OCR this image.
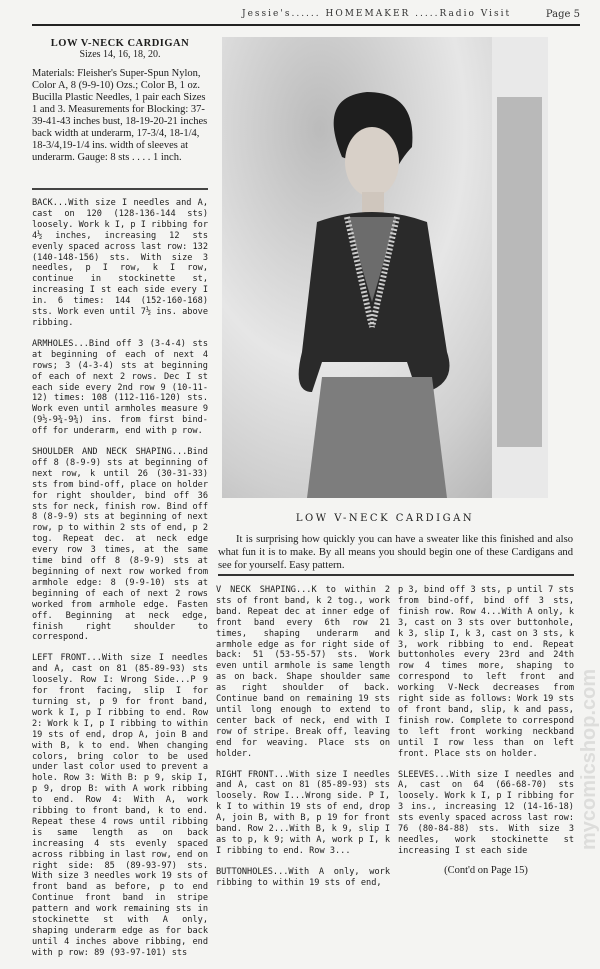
Jessie's...... HOMEMAKER .....Radio Visit	Page 5

LOW V-NECK CARDIGAN

Sizes 14, 16, 18, 20.

Materials: Fleisher's Super-Spun Nylon, Color A, 8 (9-9-10) Ozs.; Color B, 1 oz. Bucilla Plastic Needles, 1 pair each Sizes 1 and 3. Measurements for Blocking: 37-39-41-43 inches bust, 18-19-20-21 inches back width at underarm, 17-3/4, 18-1/4, 18-3/4,19-1/4 ins. width of sleeves at underarm. Gauge: 8 sts . . . . 1 inch.

BACK...With size I needles and A, cast on 120 (128-136-144 sts) loosely. Work k I, p I ribbing for 4½ inches, increasing 12 sts evenly spaced across last row: 132 (140-148-156) sts. With size 3 needles, p I row, k I row, continue in stockinette st, increasing I st each side every I in. 6 times: 144 (152-160-168) sts. Work even until 7½ ins. above ribbing.

ARMHOLES...Bind off 3 (3-4-4) sts at beginning of each of next 4 rows; 3 (4-3-4) sts at beginning of each of next 2 rows. Dec I st each side every 2nd row 9 (10-11-12) times: 108 (112-116-120) sts. Work even until armholes measure 9 (9½-9¾-9¾) ins. from first bind-off for underarm, end with p row.

SHOULDER AND NECK SHAPING...Bind off 8 (8-9-9) sts at beginning of next row, k until 26 (30-31-33) sts from bind-off, place on holder for right shoulder, bind off 36 sts for neck, finish row. Bind off 8 (8-9-9) sts at beginning of next row, p to within 2 sts of end, p 2 tog. Repeat dec. at neck edge every row 3 times, at the same time bind off 8 (8-9-9) sts at beginning of next row worked from armhole edge: 8 (9-9-10) sts at beginning of each of next 2 rows worked from armhole edge. Fasten off. Beginning at neck edge, finish right shoulder to correspond.

LEFT FRONT...With size I needles and A, cast on 81 (85-89-93) sts loosely. Row I: Wrong Side...P 9 for front facing, slip I for turning st, p 9 for front band, work k I, p I ribbing to end. Row 2: Work k I, p I ribbing to within 19 sts of end, drop A, join B and with B, k to end. When changing colors, bring color to be used under last color used to prevent a hole. Row 3: With B: p 9, skip I, p 9, drop B: with A work ribbing to end. Row 4: With A, work ribbing to front band, k to end. Repeat these 4 rows until ribbing is same length as on back increasing 4 sts evenly spaced across ribbing in last row, end on right side: 85 (89-93-97) sts. With size 3 needles work 19 sts of front band as before, p to end Continue front band in stripe pattern and work remaining sts in stockinette st with A only, shaping underarm edge as for back until 4 inches above ribbing, end with p row: 89 (93-97-101) sts

LOW V-NECK CARDIGAN
It is surprising how quickly you can have a sweater like this finished and also what fun it is to make. By all means you should begin one of these Cardigans and see for yourself. Easy pattern.

V NECK SHAPING...K to within 2 sts of front band, k 2 tog., work band. Repeat dec at inner edge of front band every 6th row 21 times, shaping underarm and armhole edge as for right side of back: 51 (53-55-57) sts. Work even until armhole is same length as on back. Shape shoulder same as right shoulder of back. Continue band on remaining 19 sts until long enough to extend to center back of neck, end with I row of stripe. Break off, leaving end for weaving. Place sts on holder.

RIGHT FRONT...With size I needles and A, cast on 81 (85-89-93) sts loosely. Row I...Wrong side. P I, k I to within 19 sts of end, drop A, join B, with B, p 19 for front band. Row 2...With B, k 9, slip I as to p, k 9; with A, work p I, k I ribbing to end. Row 3...

BUTTONHOLES...With A only, work ribbing to within 19 sts of end,

p 3, bind off 3 sts, p until 7 sts from bind-off, bind off 3 sts, finish row. Row 4...With A only, k 3, cast on 3 sts over buttonhole, k 3, slip I, k 3, cast on 3 sts, k 3, work ribbing to end. Repeat buttonholes every 23rd and 24th row 4 times more, shaping to correspond to left front and working V-Neck decreases from right side as follows: Work 19 sts of front band, slip, k and pass, finish row. Complete to correspond to left front working neckband until I row less than on left front. Place sts on holder.

SLEEVES...With size I needles and A, cast on 64 (66-68-70) sts loosely. Work k I, p I ribbing for 3 ins., increasing 12 (14-16-18) sts evenly spaced across last row: 76 (80-84-88) sts. With size 3 needles, work stockinette st increasing I st each side

(Cont'd on Page 15)
mycomicshop.com
